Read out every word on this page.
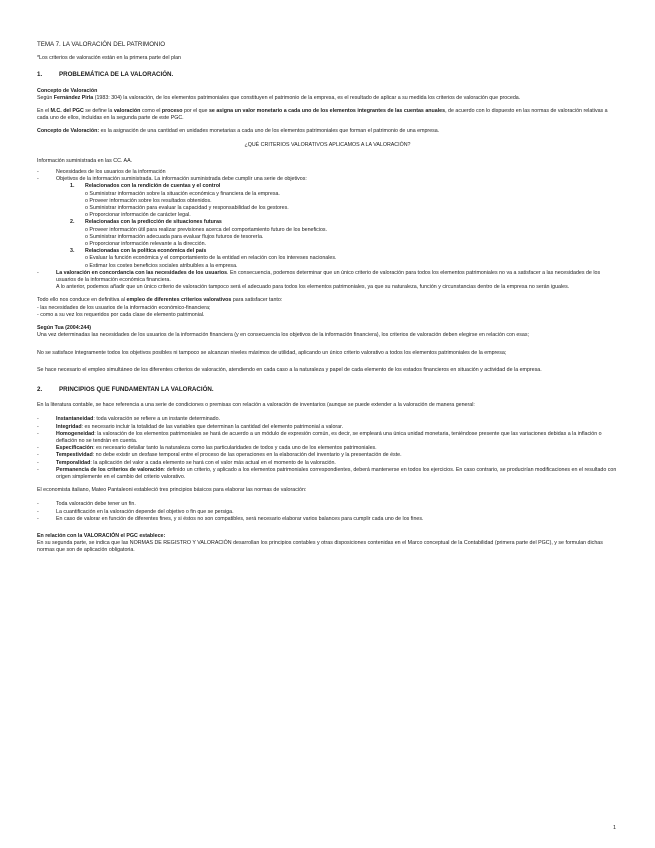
TEMA 7. LA VALORACIÓN DEL PATRIMONIO

*Los criterios de valoración están en la primera parte del plan

1.	PROBLEMÁTICA DE LA VALORACIÓN.

Concepto de Valoración

Según Fernández Pirla (1983: 304) la valoración, de los elementos patrimoniales que constituyen el patrimonio de la empresa, es el resultado de aplicar a su medida los criterios de valoración que proceda.

En el M.C. del PGC se define la valoración como el proceso por el que se asigna un valor monetario a cada uno de los elementos integrantes de las cuentas anuales, de acuerdo con lo dispuesto en las normas de valoración relativas a cada uno de ellos, incluidas en la segunda parte de este PGC.

Concepto de Valoración: es la asignación de una cantidad en unidades monetarias a cada uno de los elementos patrimoniales que forman el patrimonio de una empresa.

¿QUÉ CRITERIOS VALORATIVOS APLICAMOS A LA VALORACIÓN?

Información suministrada en las CC. AA.

- Necesidades de los usuarios de la información
- Objetivos de la información suministrada. La información suministrada debe cumplir una serie de objetivos:
1. Relacionados con la rendición de cuentas y el control
o Suministrar información sobre la situación económica y financiera de la empresa.
o Proveer información sobre los resultados obtenidos.
o Suministrar información para evaluar la capacidad y responsabilidad de los gestores.
o Proporcionar información de carácter legal.
2. Relacionadas con la predicción de situaciones futuras
o Proveer información útil para realizar previsiones acerca del comportamiento futuro de los beneficios.
o Suministrar información adecuada para evaluar flujos futuros de tesorería.
o Proporcionar información relevante a la dirección.
3. Relacionadas con la política económica del país
o Evaluar la función económica y el comportamiento de la entidad en relación con los intereses nacionales.
o Estimar los costes beneficios sociales atribuibles a la empresa.
- La valoración en concordancia con las necesidades de los usuarios. En consecuencia, podemos determinar que un único criterio de valoración para todos los elementos patrimoniales no va a satisfacer a las necesidades de los usuarios de la información económica financiera.
A lo anterior, podemos añadir que un único criterio de valoración tampoco será el adecuado para todos los elementos patrimoniales, ya que su naturaleza, función y circunstancias dentro de la empresa no serán iguales.

Todo ello nos conduce en definitiva al empleo de diferentes criterios valorativos para satisfacer tanto:

- las necesidades de los usuarios de la información económico-financiera;

- como a su vez los requeridos por cada clase de elemento patrimonial.

Según Tua (2004:244)

Una vez determinadas las necesidades de los usuarios de la información financiera (y en consecuencia los objetivos de la información financiera), los criterios de valoración deben elegirse en relación con esas;

No se satisface íntegramente todos los objetivos posibles ni tampoco se alcanzan niveles máximos de utilidad, aplicando un único criterio valorativo a todos los elementos patrimoniales de la empresa;

Se hace necesario el empleo simultáneo de los diferentes criterios de valoración, atendiendo en cada caso a la naturaleza y papel de cada elemento de los estados financieros en situación y actividad de la empresa.

2.	PRINCIPIOS QUE FUNDAMENTAN LA VALORACIÓN.

En la literatura contable, se hace referencia a una serie de condiciones o premisas con relación a valoración de inventarios (aunque se puede extender a la valoración de manera general:

- Instantaneidad: toda valoración se refiere a un instante determinado.
- Integridad: es necesario incluir la totalidad de las variables que determinan la cantidad del elemento patrimonial a valorar.
- Homogeneidad: la valoración de los elementos patrimoniales se hará de acuerdo a un módulo de expresión común, es decir, se empleará una única unidad monetaria, teniéndose presente que las variaciones debidas a la inflación o deflación no se tendrán en cuenta.
- Especificación: es necesario detallar tanto la naturaleza como las particularidades de todos y cada uno de los elementos patrimoniales.
- Tempestividad: no debe existir un desfase temporal entre el proceso de las operaciones en la elaboración del inventario y la presentación de éste.
- Temporalidad: la aplicación del valor a cada elemento se hará con el valor más actual en el momento de la valoración.
- Permanencia de los criterios de valoración: definido un criterio, y aplicado a los elementos patrimoniales correspondientes, deberá mantenerse en todos los ejercicios. En caso contrario, se producirían modificaciones en el resultado con origen simplemente en el cambio del criterio valorativo.

El economista italiano, Mateo Pantaleoni estableció tres principios básicos para elaborar las normas de valoración:

- Toda valoración debe tener un fin.
- La cuantificación en la valoración depende del objetivo o fin que se persiga.
- En caso de valorar en función de diferentes fines, y si éstos no son compatibles, será necesario elaborar varios balances para cumplir cada uno de los fines.

En relación con la VALORACIÓN el PGC establece:

En su segunda parte, se indica que las NORMAS DE REGISTRO Y VALORACIÓN desarrollan los principios contables y otras disposiciones contenidas en el Marco conceptual de la Contabilidad (primera parte del PGC), y se formulan dichas normas que son de aplicación obligatoria.

1
